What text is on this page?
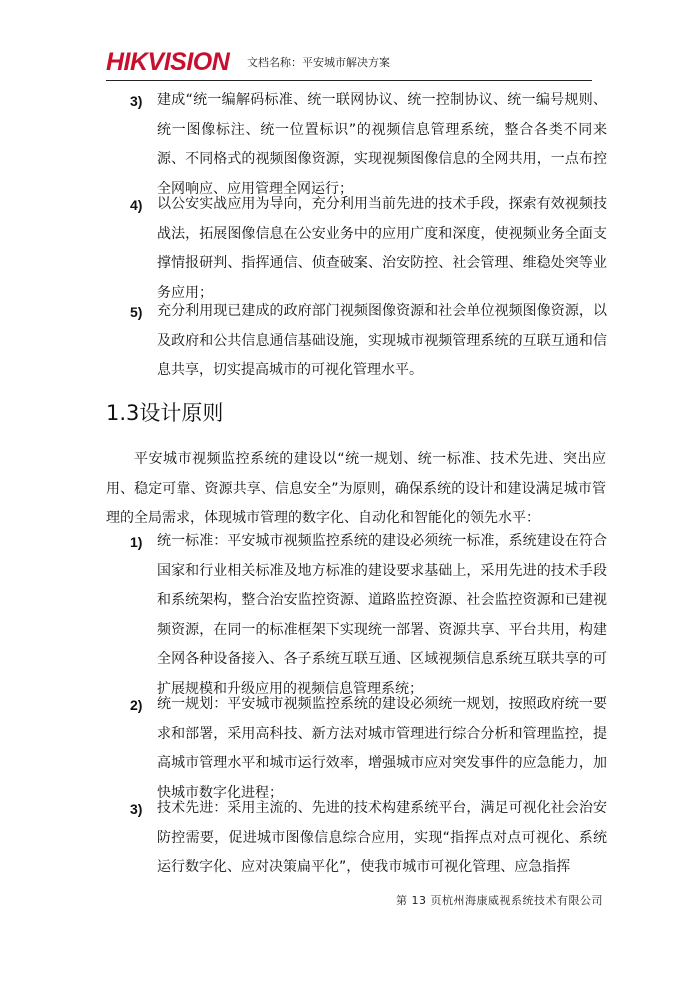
HIKVISION 文档名称：平安城市解决方案
3) 建成“统一编解码标准、统一联网协议、统一控制协议、统一编号规则、统一图像标注、统一位置标识”的视频信息管理系统，整合各类不同来源、不同格式的视频图像资源，实现视频图像信息的全网共用，一点布控全网响应、应用管理全网运行；
4) 以公安实战应用为导向，充分利用当前先进的技术手段，探索有效视频技战法，拓展图像信息在公安业务中的应用广度和深度，使视频业务全面支撑情报研判、指挥通信、侦查破案、治安防控、社会管理、维稳处突等业务应用；
5) 充分利用现已建成的政府部门视频图像资源和社会单位视频图像资源，以及政府和公共信息通信基础设施，实现城市视频管理系统的互联互通和信息共享，切实提高城市的可视化管理水平。
1.3设计原则
平安城市视频监控系统的建设以“统一规划、统一标准、技术先进、突出应用、稳定可靠、资源共享、信息安全”为原则，确保系统的设计和建设满足城市管理的全局需求，体现城市管理的数字化、自动化和智能化的领先水平：
1) 统一标准：平安城市视频监控系统的建设必须统一标准，系统建设在符合国家和行业相关标准及地方标准的建设要求基础上，采用先进的技术手段和系统架构，整合治安监控资源、道路监控资源、社会监控资源和已建视频资源，在同一的标准框架下实现统一部署、资源共享、平台共用，构建全网各种设备接入、各子系统互联互通、区域视频信息系统互联共享的可扩展规模和升级应用的视频信息管理系统；
2) 统一规划：平安城市视频监控系统的建设必须统一规划，按照政府统一要求和部署，采用高科技、新方法对城市管理进行综合分析和管理监控，提高城市管理水平和城市运行效率，增强城市应对突发事件的应急能力，加快城市数字化进程；
3) 技术先进：采用主流的、先进的技术构建系统平台，满足可视化社会治安防控需要，促进城市图像信息综合应用，实现“指挥点对点可视化、系统运行数字化、应对决策扁平化”，使我市城市可视化管理、应急指挥
第 13 页杭州海康威视系统技术有限公司
